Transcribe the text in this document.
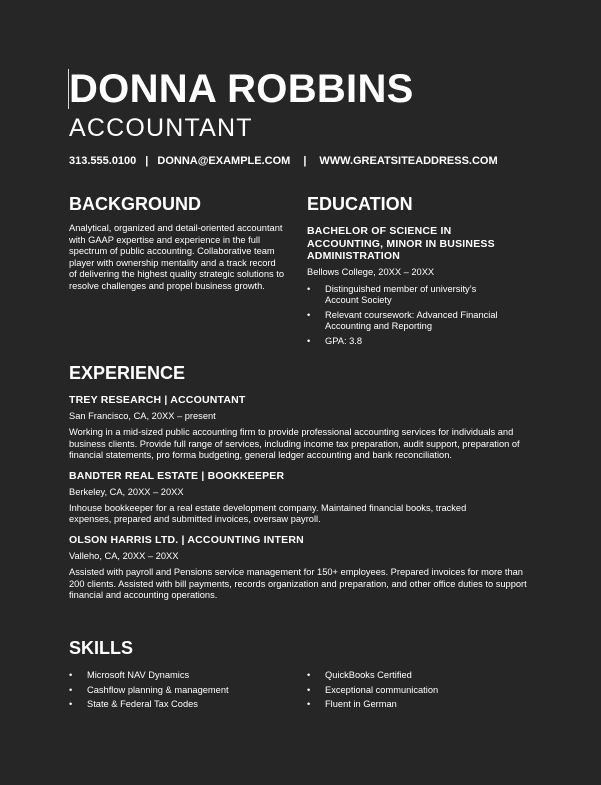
DONNA ROBBINS
ACCOUNTANT
313.555.0100 | DONNA@EXAMPLE.COM | WWW.GREATSITEADDRESS.COM
BACKGROUND

Analytical, organized and detail-oriented accountant with GAAP expertise and experience in the full spectrum of public accounting. Collaborative team player with ownership mentality and a track record of delivering the highest quality strategic solutions to resolve challenges and propel business growth.

EDUCATION
BACHELOR OF SCIENCE IN ACCOUNTING, MINOR IN BUSINESS ADMINISTRATION
Bellows College, 20XX – 20XX
• Distinguished member of university’s Account Society
• Relevant coursework: Advanced Financial Accounting and Reporting
• GPA: 3.8
EXPERIENCE
TREY RESEARCH | ACCOUNTANT
San Francisco, CA, 20XX – present

Working in a mid-sized public accounting firm to provide professional accounting services for individuals and business clients. Provide full range of services, including income tax preparation, audit support, preparation of financial statements, pro forma budgeting, general ledger accounting and bank reconciliation.

BANDTER REAL ESTATE | BOOKKEEPER
Berkeley, CA, 20XX – 20XX

Inhouse bookkeeper for a real estate development company. Maintained financial books, tracked expenses, prepared and submitted invoices, oversaw payroll.

OLSON HARRIS LTD. | ACCOUNTING INTERN
Valleho, CA, 20XX – 20XX

Assisted with payroll and Pensions service management for 150+ employees. Prepared invoices for more than 200 clients. Assisted with bill payments, records organization and preparation, and other office duties to support financial and accounting operations.

SKILLS
• Microsoft NAV Dynamics
• Cashflow planning & management
• State & Federal Tax Codes
• QuickBooks Certified
• Exceptional communication
• Fluent in German
